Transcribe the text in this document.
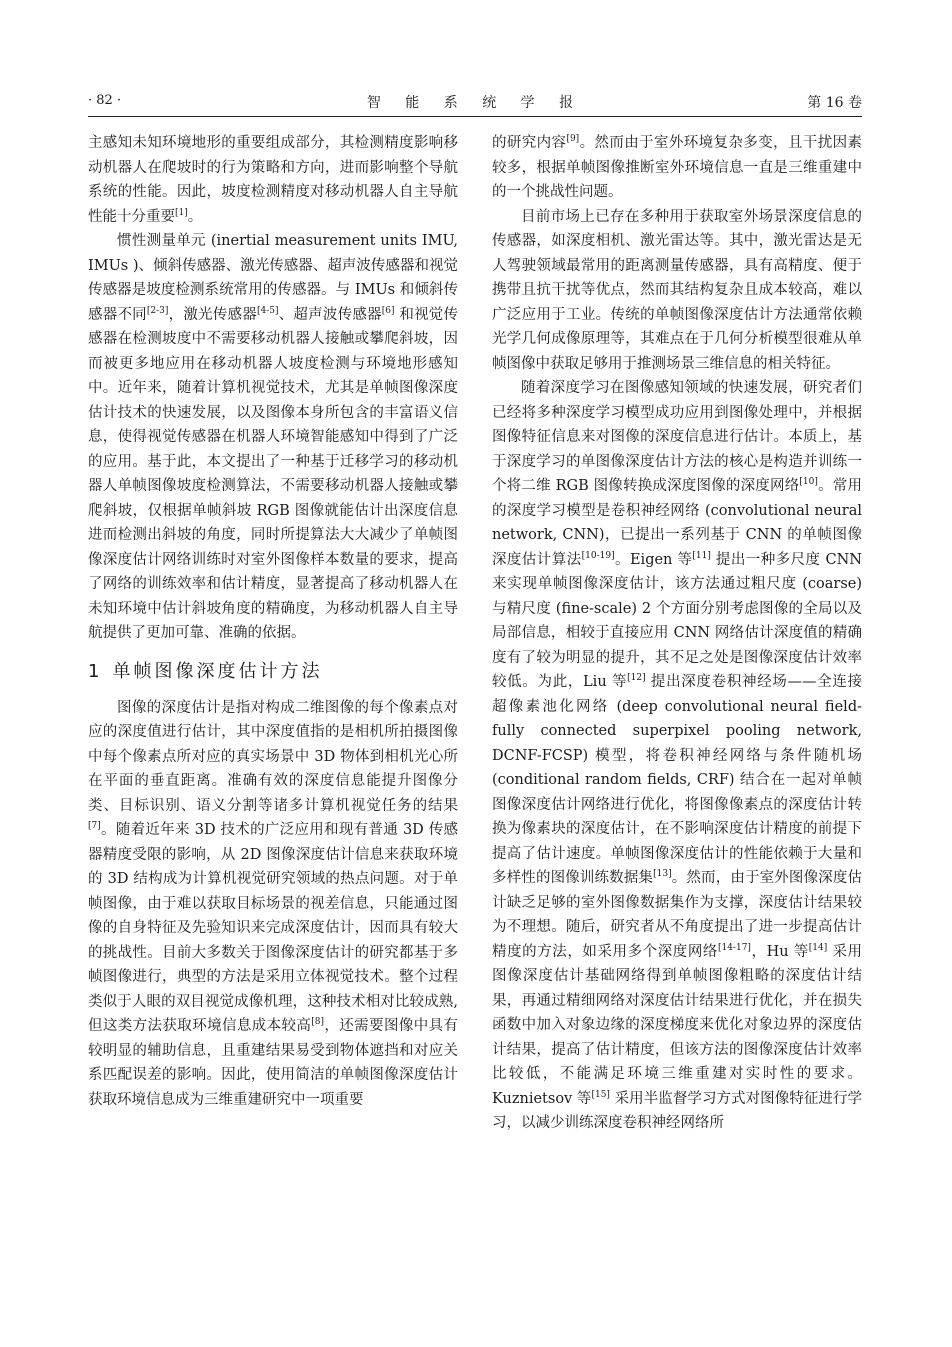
· 82 ·	智 能 系 统 学 报	第 16 卷

主感知未知环境地形的重要组成部分，其检测精度影响移动机器人在爬坡时的行为策略和方向，进而影响整个导航系统的性能。因此，坡度检测精度对移动机器人自主导航性能十分重要[1]。

惯性测量单元 (inertial measurement units IMU, IMUs )、倾斜传感器、激光传感器、超声波传感器和视觉传感器是坡度检测系统常用的传感器。与 IMUs 和倾斜传感器不同[2-3]，激光传感器[4-5]、超声波传感器[6] 和视觉传感器在检测坡度中不需要移动机器人接触或攀爬斜坡，因而被更多地应用在移动机器人坡度检测与环境地形感知中。近年来，随着计算机视觉技术，尤其是单帧图像深度估计技术的快速发展，以及图像本身所包含的丰富语义信息，使得视觉传感器在机器人环境智能感知中得到了广泛的应用。基于此，本文提出了一种基于迁移学习的移动机器人单帧图像坡度检测算法，不需要移动机器人接触或攀爬斜坡，仅根据单帧斜坡 RGB 图像就能估计出深度信息进而检测出斜坡的角度，同时所提算法大大减少了单帧图像深度估计网络训练时对室外图像样本数量的要求，提高了网络的训练效率和估计精度，显著提高了移动机器人在未知环境中估计斜坡角度的精确度，为移动机器人自主导航提供了更加可靠、准确的依据。

1 单帧图像深度估计方法

图像的深度估计是指对构成二维图像的每个像素点对应的深度值进行估计，其中深度值指的是相机所拍摄图像中每个像素点所对应的真实场景中 3D 物体到相机光心所在平面的垂直距离。准确有效的深度信息能提升图像分类、目标识别、语义分割等诸多计算机视觉任务的结果[7]。随着近年来 3D 技术的广泛应用和现有普通 3D 传感器精度受限的影响，从 2D 图像深度估计信息来获取环境的 3D 结构成为计算机视觉研究领域的热点问题。对于单帧图像，由于难以获取目标场景的视差信息，只能通过图像的自身特征及先验知识来完成深度估计，因而具有较大的挑战性。目前大多数关于图像深度估计的研究都基于多帧图像进行，典型的方法是采用立体视觉技术。整个过程类似于人眼的双目视觉成像机理，这种技术相对比较成熟,但这类方法获取环境信息成本较高[8]，还需要图像中具有较明显的辅助信息，且重建结果易受到物体遮挡和对应关系匹配误差的影响。因此，使用简洁的单帧图像深度估计获取环境信息成为三维重建研究中一项重要

的研究内容[9]。然而由于室外环境复杂多变，且干扰因素较多，根据单帧图像推断室外环境信息一直是三维重建中的一个挑战性问题。

目前市场上已存在多种用于获取室外场景深度信息的传感器，如深度相机、激光雷达等。其中，激光雷达是无人驾驶领域最常用的距离测量传感器，具有高精度、便于携带且抗干扰等优点，然而其结构复杂且成本较高，难以广泛应用于工业。传统的单帧图像深度估计方法通常依赖光学几何成像原理等，其难点在于几何分析模型很难从单帧图像中获取足够用于推测场景三维信息的相关特征。

随着深度学习在图像感知领域的快速发展，研究者们已经将多种深度学习模型成功应用到图像处理中，并根据图像特征信息来对图像的深度信息进行估计。本质上，基于深度学习的单图像深度估计方法的核心是构造并训练一个将二维 RGB 图像转换成深度图像的深度网络[10]。常用的深度学习模型是卷积神经网络 (convolutional neural network, CNN)，已提出一系列基于 CNN 的单帧图像深度估计算法[10-19]。Eigen 等[11] 提出一种多尺度 CNN 来实现单帧图像深度估计，该方法通过粗尺度 (coarse) 与精尺度 (fine-scale) 2 个方面分别考虑图像的全局以及局部信息，相较于直接应用 CNN 网络估计深度值的精确度有了较为明显的提升，其不足之处是图像深度估计效率较低。为此，Liu 等[12] 提出深度卷积神经场——全连接超像素池化网络 (deep convolutional neural field-fully connected superpixel pooling network, DCNF-FCSP) 模型，将卷积神经网络与条件随机场 (conditional random fields, CRF) 结合在一起对单帧图像深度估计网络进行优化，将图像像素点的深度估计转换为像素块的深度估计，在不影响深度估计精度的前提下提高了估计速度。单帧图像深度估计的性能依赖于大量和多样性的图像训练数据集[13]。然而，由于室外图像深度估计缺乏足够的室外图像数据集作为支撑，深度估计结果较为不理想。随后，研究者从不角度提出了进一步提高估计精度的方法，如采用多个深度网络[14-17]，Hu 等[14] 采用图像深度估计基础网络得到单帧图像粗略的深度估计结果，再通过精细网络对深度估计结果进行优化，并在损失函数中加入对象边缘的深度梯度来优化对象边界的深度估计结果，提高了估计精度，但该方法的图像深度估计效率比较低，不能满足环境三维重建对实时性的要求。Kuznietsov 等[15] 采用半监督学习方式对图像特征进行学习，以减少训练深度卷积神经网络所
